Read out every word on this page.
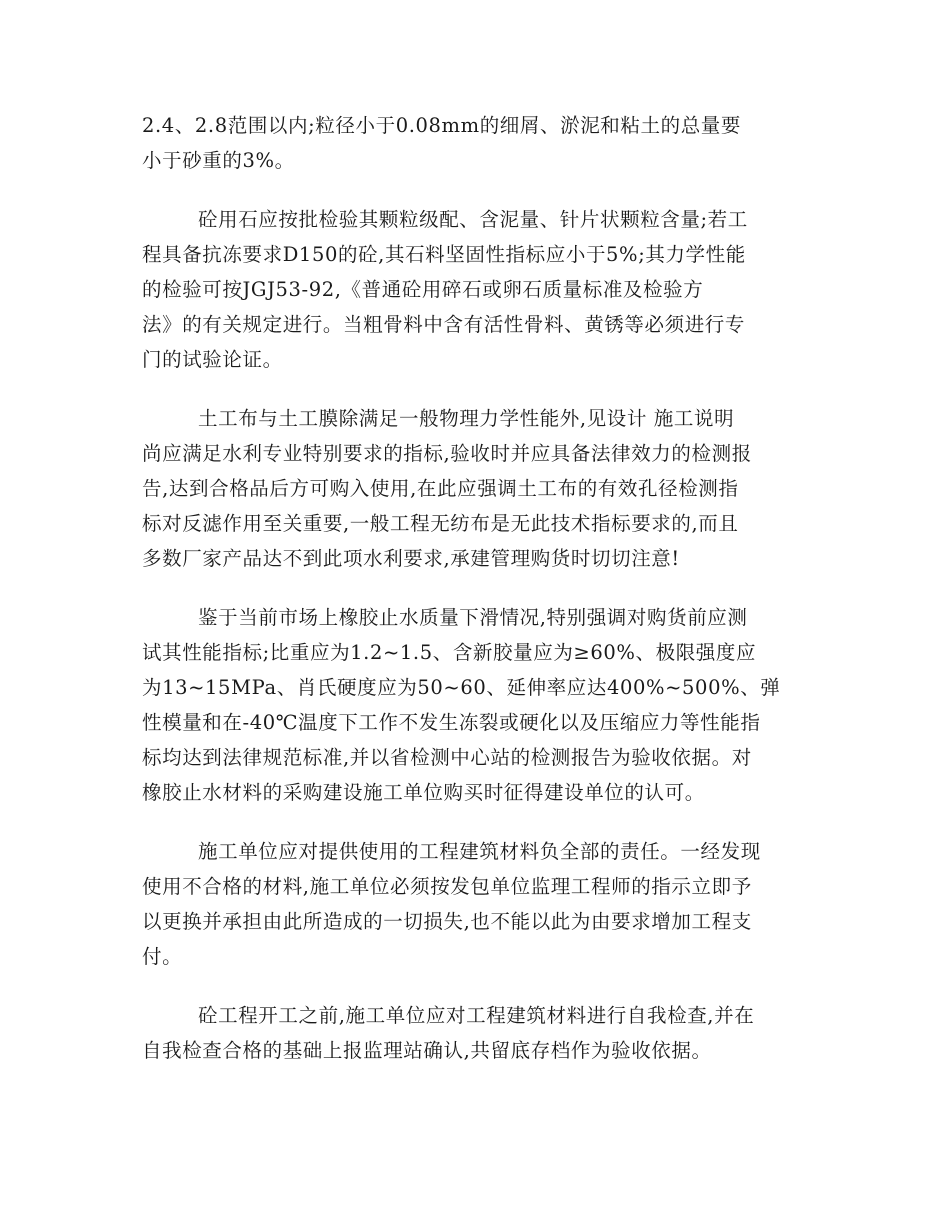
2.4、2.8范围以内;粒径小于0.08mm的细屑、淤泥和粘土的总量要
小于砂重的3%。
砼用石应按批检验其颗粒级配、含泥量、针片状颗粒含量;若工
程具备抗冻要求D150的砼,其石料坚固性指标应小于5%;其力学性能
的检验可按JGJ53-92,《普通砼用碎石或卵石质量标准及检验方
法》的有关规定进行。当粗骨料中含有活性骨料、黄锈等必须进行专
门的试验论证。
土工布与土工膜除满足一般物理力学性能外,见设计 施工说明
尚应满足水利专业特别要求的指标,验收时并应具备法律效力的检测报
告,达到合格品后方可购入使用,在此应强调土工布的有效孔径检测指
标对反滤作用至关重要,一般工程无纺布是无此技术指标要求的,而且
多数厂家产品达不到此项水利要求,承建管理购货时切切注意!
鉴于当前市场上橡胶止水质量下滑情况,特别强调对购货前应测
试其性能指标;比重应为1.2~1.5、含新胶量应为≥60%、极限强度应
为13~15MPa、肖氏硬度应为50~60、延伸率应达400%~500%、弹
性模量和在-40℃温度下工作不发生冻裂或硬化以及压缩应力等性能指
标均达到法律规范标准,并以省检测中心站的检测报告为验收依据。对
橡胶止水材料的采购建设施工单位购买时征得建设单位的认可。
施工单位应对提供使用的工程建筑材料负全部的责任。一经发现
使用不合格的材料,施工单位必须按发包单位监理工程师的指示立即予
以更换并承担由此所造成的一切损失,也不能以此为由要求增加工程支
付。
砼工程开工之前,施工单位应对工程建筑材料进行自我检查,并在
自我检查合格的基础上报监理站确认,共留底存档作为验收依据。
